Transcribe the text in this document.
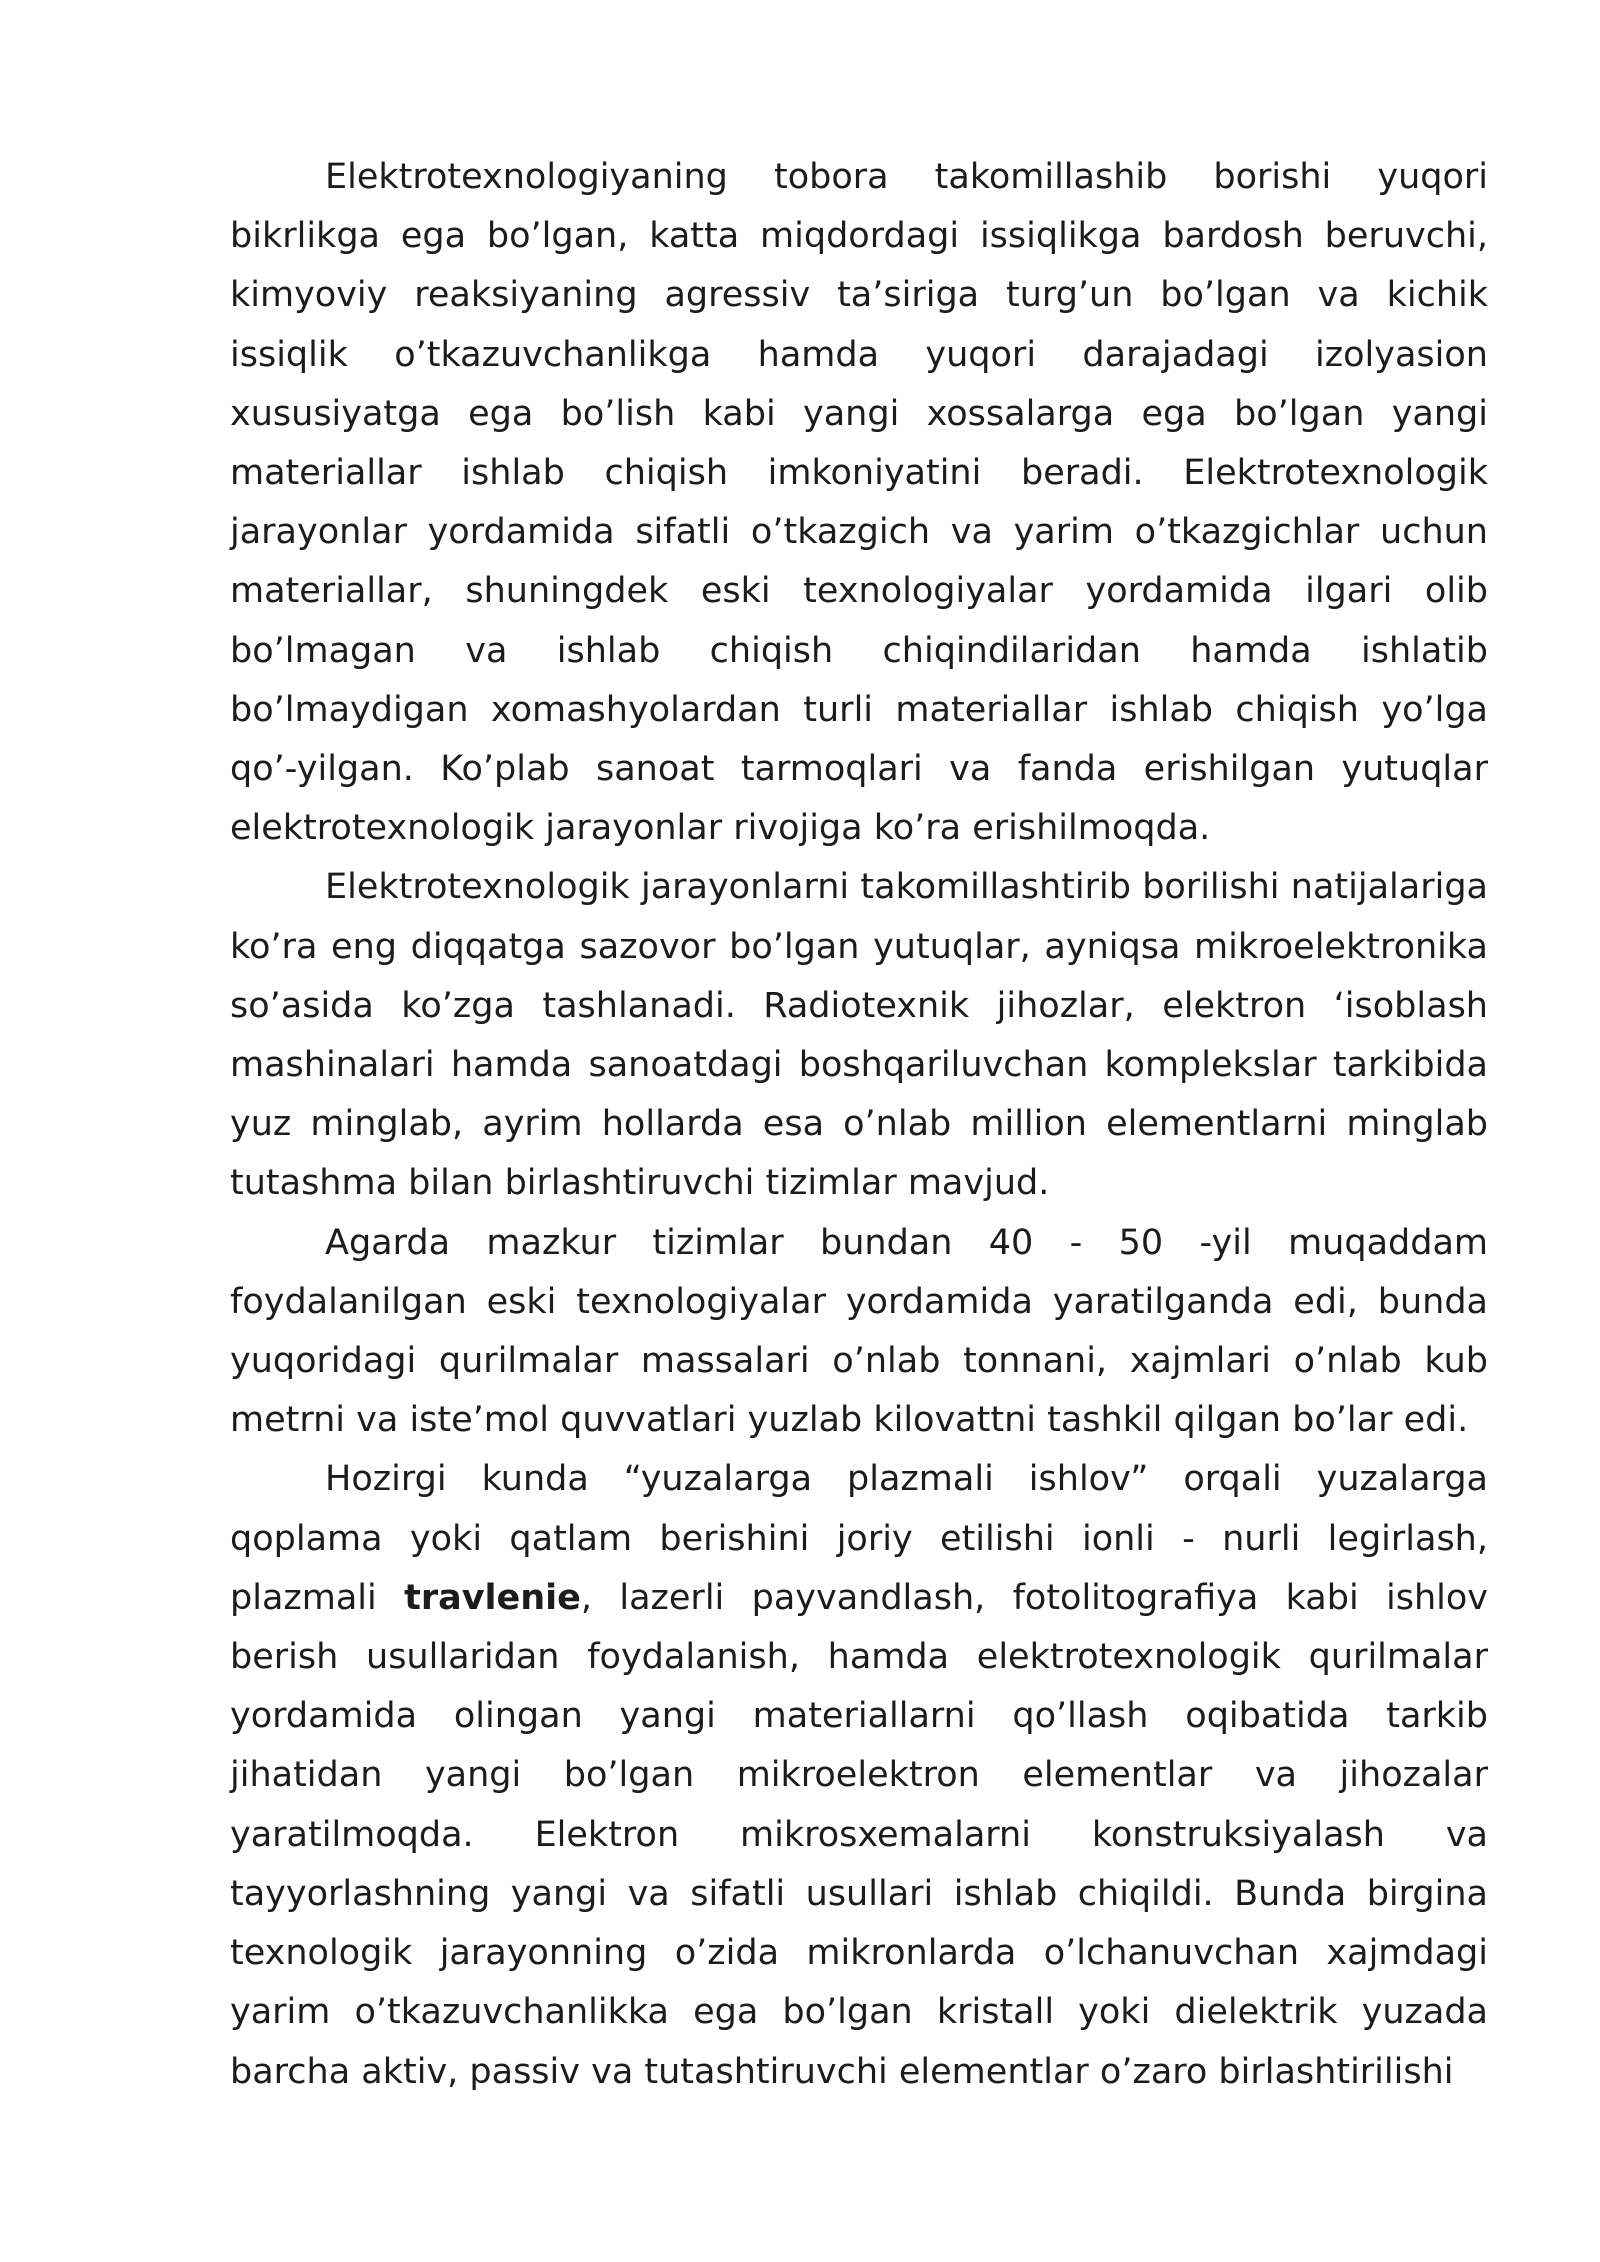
Elektrotexnologiyaning tobora takomillashib borishi yuqori bikrlikga ega bo’lgan, katta miqdordagi issiqlikga bardosh beruvchi, kimyoviy reaksiyaning agressiv ta’siriga turg’un bo’lgan va kichik issiqlik o’tkazuvchanlikga hamda yuqori darajadagi izolyasion xususiyatga ega bo’lish kabi yangi xossalarga ega bo’lgan yangi materiallar ishlab chiqish imkoniyatini beradi. Elektrotexnologik jarayonlar yordamida sifatli o’tkazgich va yarim o’tkazgichlar uchun materiallar, shuningdek eski texnologiyalar yordamida ilgari olib bo’lmagan va ishlab chiqish chiqindilaridan hamda ishlatib bo’lmaydigan xomashyolardan turli materiallar ishlab chiqish yo’lga qo’-yilgan. Ko’plab sanoat tarmoqlari va fanda erishilgan yutuqlar elektrotexnologik jarayonlar rivojiga ko’ra erishilmoqda.

Elektrotexnologik jarayonlarni takomillashtirib borilishi natijalariga ko’ra eng diqqatga sazovor bo’lgan yutuqlar, ayniqsa mikroelektronika so’asida ko’zga tashlanadi. Radiotexnik jihozlar, elektron ‘isoblash mashinalari hamda sanoatdagi boshqariluvchan komplekslar tarkibida yuz minglab, ayrim hollarda esa o’nlab million elementlarni minglab tutashma bilan birlashtiruvchi tizimlar mavjud.

Agarda mazkur tizimlar bundan 40 - 50 -yil muqaddam foydalanilgan eski texnologiyalar yordamida yaratilganda edi, bunda yuqoridagi qurilmalar massalari o’nlab tonnani, xajmlari o’nlab kub metrni va iste’mol quvvatlari yuzlab kilovattni tashkil qilgan bo’lar edi.

Hozirgi kunda “yuzalarga plazmali ishlov” orqali yuzalarga qoplama yoki qatlam berishini joriy etilishi ionli - nurli legirlash, plazmali travlenie, lazerli payvandlash, fotolitografiya kabi ishlov berish usullaridan foydalanish, hamda elektrotexnologik qurilmalar yordamida olingan yangi materiallarni qo’llash oqibatida tarkib jihatidan yangi bo’lgan mikroelektron elementlar va jihozalar yaratilmoqda. Elektron mikrosxemalarni konstruksiyalash va tayyorlashning yangi va sifatli usullari ishlab chiqildi. Bunda birgina texnologik jarayonning o’zida mikronlarda o’lchanuvchan xajmdagi yarim o’tkazuvchanlikka ega bo’lgan kristall yoki dielektrik yuzada barcha aktiv, passiv va tutashtiruvchi elementlar o’zaro birlashtirilishi
